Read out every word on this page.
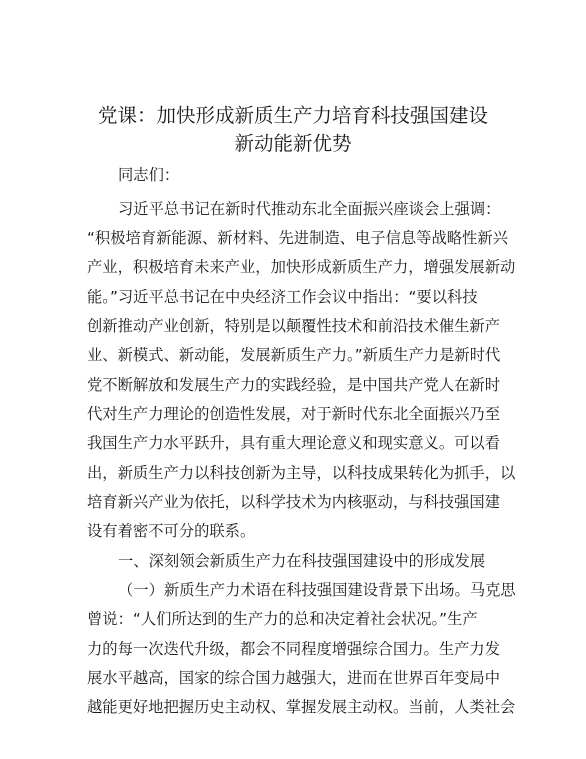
党课：加快形成新质生产力培育科技强国建设
新动能新优势
同志们：
习近平总书记在新时代推动东北全面振兴座谈会上强调：
“积极培育新能源、新材料、先进制造、电子信息等战略性新兴
产业，积极培育未来产业，加快形成新质生产力，增强发展新动
能。”习近平总书记在中央经济工作会议中指出：“要以科技
创新推动产业创新，特别是以颠覆性技术和前沿技术催生新产
业、新模式、新动能，发展新质生产力。”新质生产力是新时代
党不断解放和发展生产力的实践经验，是中国共产党人在新时
代对生产力理论的创造性发展，对于新时代东北全面振兴乃至
我国生产力水平跃升，具有重大理论意义和现实意义。可以看
出，新质生产力以科技创新为主导，以科技成果转化为抓手，以
培育新兴产业为依托，以科学技术为内核驱动，与科技强国建
设有着密不可分的联系。
一、深刻领会新质生产力在科技强国建设中的形成发展
（一）新质生产力术语在科技强国建设背景下出场。马克思
曾说：“人们所达到的生产力的总和决定着社会状况。”生产
力的每一次迭代升级，都会不同程度增强综合国力。生产力发
展水平越高，国家的综合国力越强大，进而在世界百年变局中
越能更好地把握历史主动权、掌握发展主动权。当前，人类社会
